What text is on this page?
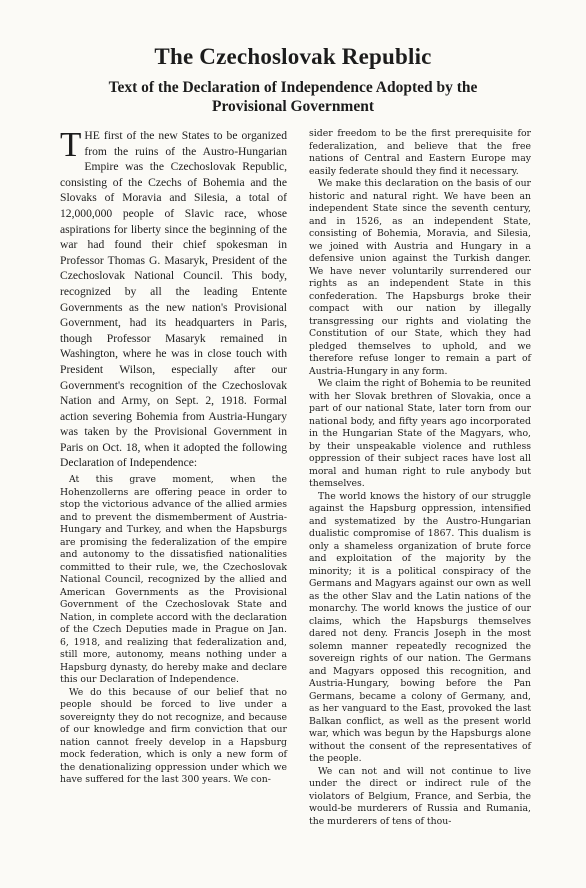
The Czechoslovak Republic
Text of the Declaration of Independence Adopted by the Provisional Government

THE first of the new States to be organized from the ruins of the Austro-Hungarian Empire was the Czechoslovak Republic, consisting of the Czechs of Bohemia and the Slovaks of Moravia and Silesia, a total of 12,000,000 people of Slavic race, whose aspirations for liberty since the beginning of the war had found their chief spokesman in Professor Thomas G. Masaryk, President of the Czechoslovak National Council. This body, recognized by all the leading Entente Governments as the new nation's Provisional Government, had its headquarters in Paris, though Professor Masaryk remained in Washington, where he was in close touch with President Wilson, especially after our Government's recognition of the Czechoslovak Nation and Army, on Sept. 2, 1918. Formal action severing Bohemia from Austria-Hungary was taken by the Provisional Government in Paris on Oct. 18, when it adopted the following Declaration of Independence:

At this grave moment, when the Hohenzollerns are offering peace in order to stop the victorious advance of the allied armies and to prevent the dismemberment of Austria-Hungary and Turkey, and when the Hapsburgs are promising the federalization of the empire and autonomy to the dissatisfied nationalities committed to their rule, we, the Czechoslovak National Council, recognized by the allied and American Governments as the Provisional Government of the Czechoslovak State and Nation, in complete accord with the declaration of the Czech Deputies made in Prague on Jan. 6, 1918, and realizing that federalization and, still more, autonomy, means nothing under a Hapsburg dynasty, do hereby make and declare this our Declaration of Independence.

We do this because of our belief that no people should be forced to live under a sovereignty they do not recognize, and because of our knowledge and firm conviction that our nation cannot freely develop in a Hapsburg mock federation, which is only a new form of the denationalizing oppression under which we have suffered for the last 300 years. We con-

sider freedom to be the first prerequisite for federalization, and believe that the free nations of Central and Eastern Europe may easily federate should they find it necessary.

We make this declaration on the basis of our historic and natural right. We have been an independent State since the seventh century, and in 1526, as an independent State, consisting of Bohemia, Moravia, and Silesia, we joined with Austria and Hungary in a defensive union against the Turkish danger. We have never voluntarily surrendered our rights as an independent State in this confederation. The Hapsburgs broke their compact with our nation by illegally transgressing our rights and violating the Constitution of our State, which they had pledged themselves to uphold, and we therefore refuse longer to remain a part of Austria-Hungary in any form.

We claim the right of Bohemia to be reunited with her Slovak brethren of Slovakia, once a part of our national State, later torn from our national body, and fifty years ago incorporated in the Hungarian State of the Magyars, who, by their unspeakable violence and ruthless oppression of their subject races have lost all moral and human right to rule anybody but themselves.

The world knows the history of our struggle against the Hapsburg oppression, intensified and systematized by the Austro-Hungarian dualistic compromise of 1867. This dualism is only a shameless organization of brute force and exploitation of the majority by the minority; it is a political conspiracy of the Germans and Magyars against our own as well as the other Slav and the Latin nations of the monarchy. The world knows the justice of our claims, which the Hapsburgs themselves dared not deny. Francis Joseph in the most solemn manner repeatedly recognized the sovereign rights of our nation. The Germans and Magyars opposed this recognition, and Austria-Hungary, bowing before the Pan Germans, became a colony of Germany, and, as her vanguard to the East, provoked the last Balkan conflict, as well as the present world war, which was begun by the Hapsburgs alone without the consent of the representatives of the people.

We can not and will not continue to live under the direct or indirect rule of the violators of Belgium, France, and Serbia, the would-be murderers of Russia and Rumania, the murderers of tens of thou-
